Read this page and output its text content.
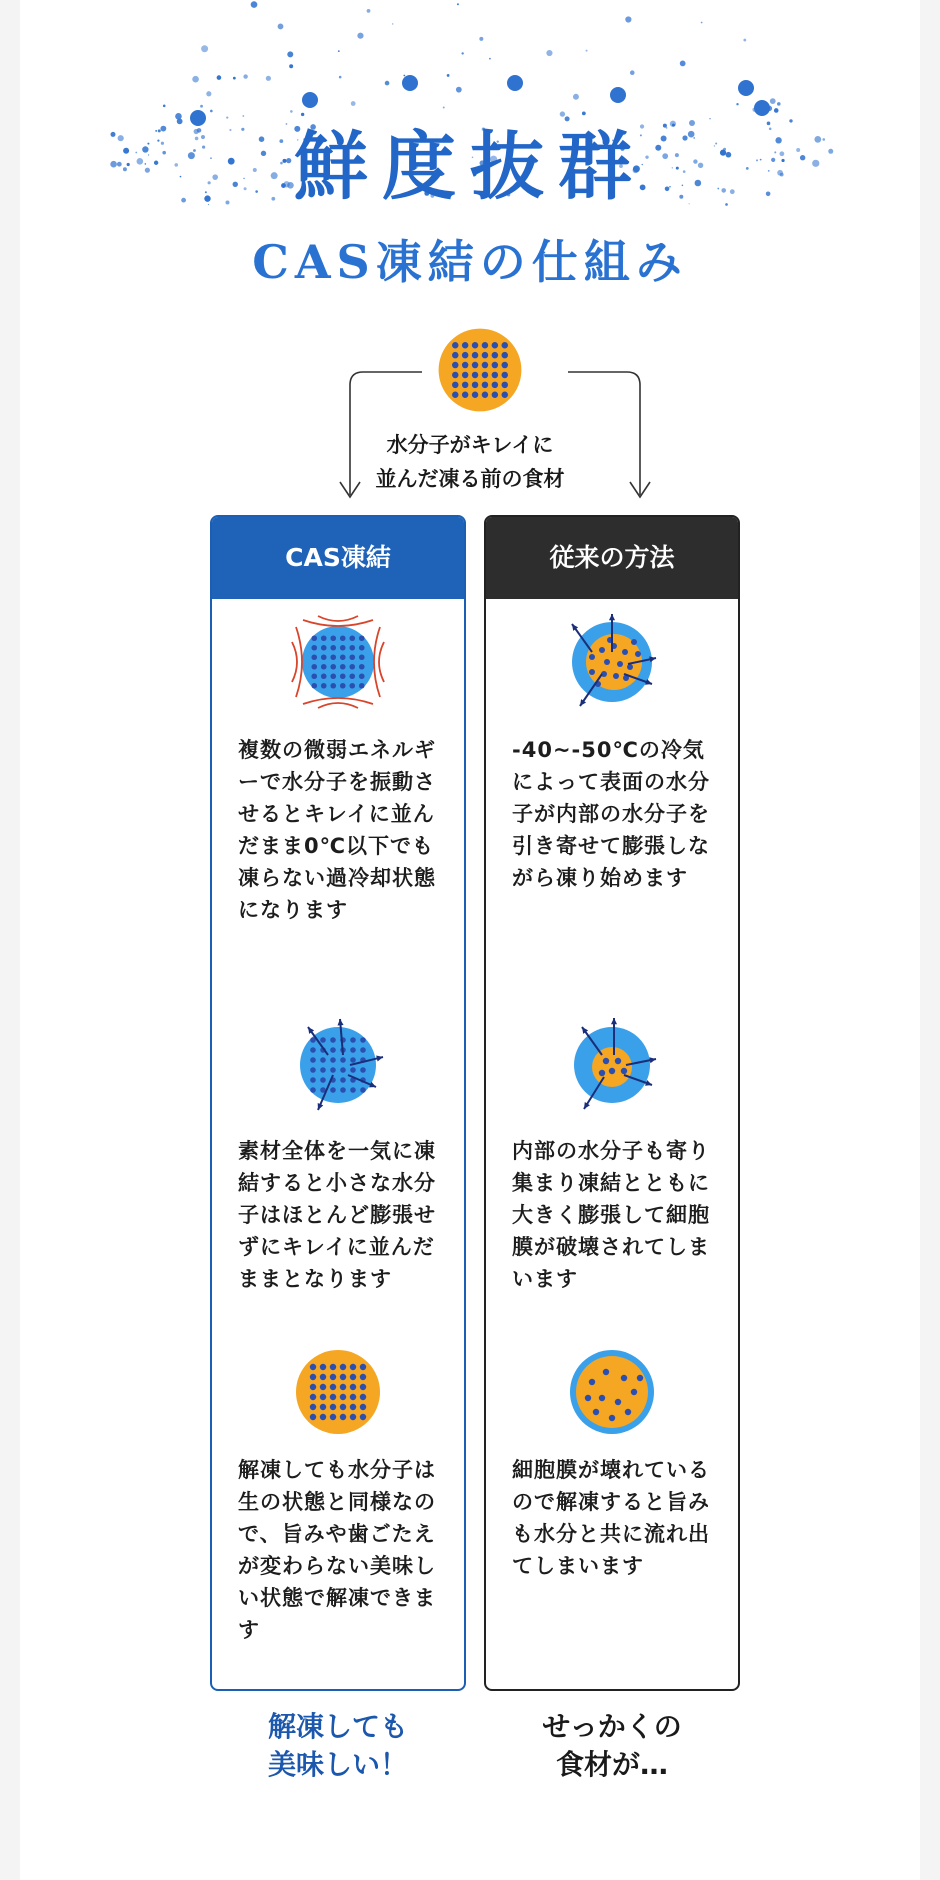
鮮度抜群
CAS凍結の仕組み
水分子がキレイに
並んだ凍る前の食材
CAS凍結
複数の微弱エネルギーで水分子を振動させるとキレイに並んだまま0℃以下でも凍らない過冷却状態になります
素材全体を一気に凍結すると小さな水分子はほとんど膨張せずにキレイに並んだままとなります
解凍しても水分子は生の状態と同様なので、旨みや歯ごたえが変わらない美味しい状態で解凍できます
従来の方法
-40~-50℃の冷気によって表面の水分子が内部の水分子を引き寄せて膨張しながら凍り始めます
内部の水分子も寄り集まり凍結とともに大きく膨張して細胞膜が破壊されてしまいます
細胞膜が壊れているので解凍すると旨みも水分と共に流れ出てしまいます
解凍しても
美味しい！
せっかくの
食材が…
